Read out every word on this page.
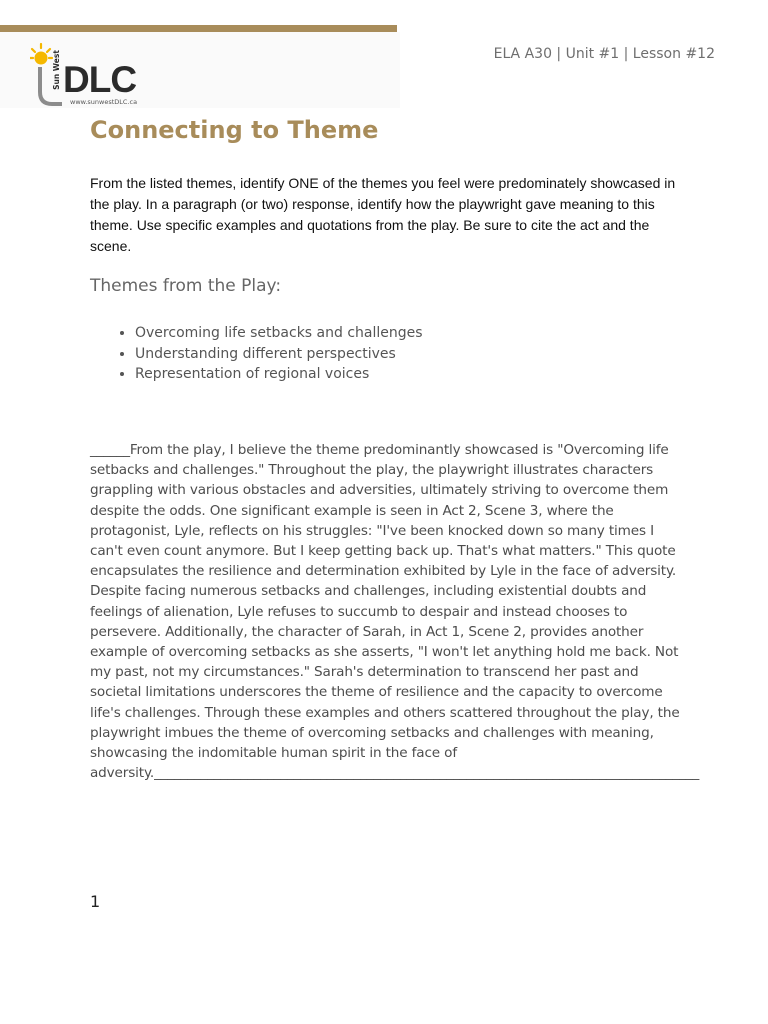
Sun West DLC
www.sunwestDLC.ca
ELA A30 | Unit #1 | Lesson #12
Connecting to Theme

From the listed themes, identify ONE of the themes you feel were predominately showcased in the play. In a paragraph (or two) response, identify how the playwright gave meaning to this theme. Use specific examples and quotations from the play. Be sure to cite the act and the scene.

Themes from the Play:
• Overcoming life setbacks and challenges
• Understanding different perspectives
• Representation of regional voices

______From the play, I believe the theme predominantly showcased is "Overcoming life setbacks and challenges." Throughout the play, the playwright illustrates characters grappling with various obstacles and adversities, ultimately striving to overcome them despite the odds. One significant example is seen in Act 2, Scene 3, where the protagonist, Lyle, reflects on his struggles: "I've been knocked down so many times I can't even count anymore. But I keep getting back up. That's what matters." This quote encapsulates the resilience and determination exhibited by Lyle in the face of adversity. Despite facing numerous setbacks and challenges, including existential doubts and feelings of alienation, Lyle refuses to succumb to despair and instead chooses to persevere. Additionally, the character of Sarah, in Act 1, Scene 2, provides another example of overcoming setbacks as she asserts, "I won't let anything hold me back. Not my past, not my circumstances." Sarah's determination to transcend her past and societal limitations underscores the theme of resilience and the capacity to overcome life's challenges. Through these examples and others scattered throughout the play, the playwright imbues the theme of overcoming setbacks and challenges with meaning, showcasing the indomitable human spirit in the face of adversity.__________________________________________________________________________________

1
